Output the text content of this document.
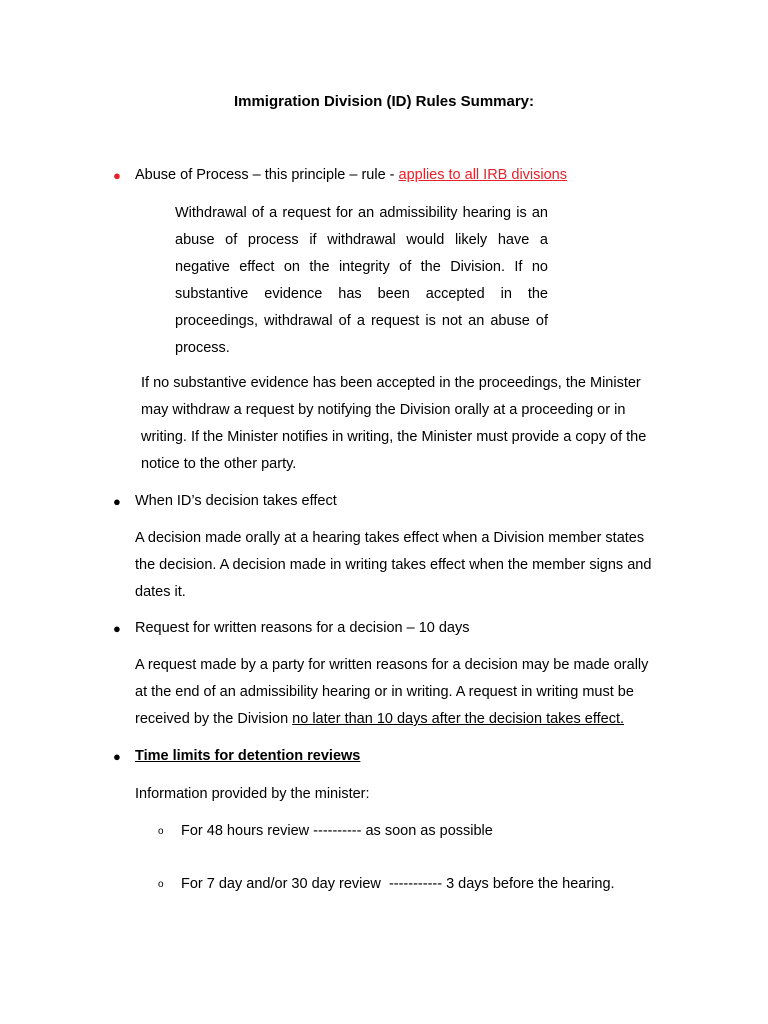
Immigration Division (ID) Rules Summary:
● Abuse of Process – this principle – rule - applies to all IRB divisions
Withdrawal of a request for an admissibility hearing is an
abuse of process if withdrawal would likely have a
negative effect on the integrity of the Division. If no
substantive evidence has been accepted in the
proceedings, withdrawal of a request is not an abuse of
process.
If no substantive evidence has been accepted in the proceedings, the Minister
may withdraw a request by notifying the Division orally at a proceeding or in
writing. If the Minister notifies in writing, the Minister must provide a copy of the
notice to the other party.
● When ID’s decision takes effect
A decision made orally at a hearing takes effect when a Division member states
the decision. A decision made in writing takes effect when the member signs and
dates it.
● Request for written reasons for a decision – 10 days
A request made by a party for written reasons for a decision may be made orally
at the end of an admissibility hearing or in writing. A request in writing must be
received by the Division no later than 10 days after the decision takes effect.
● Time limits for detention reviews
Information provided by the minister:
o For 48 hours review ---------- as soon as possible
o For 7 day and/or 30 day review  ----------- 3 days before the hearing.
